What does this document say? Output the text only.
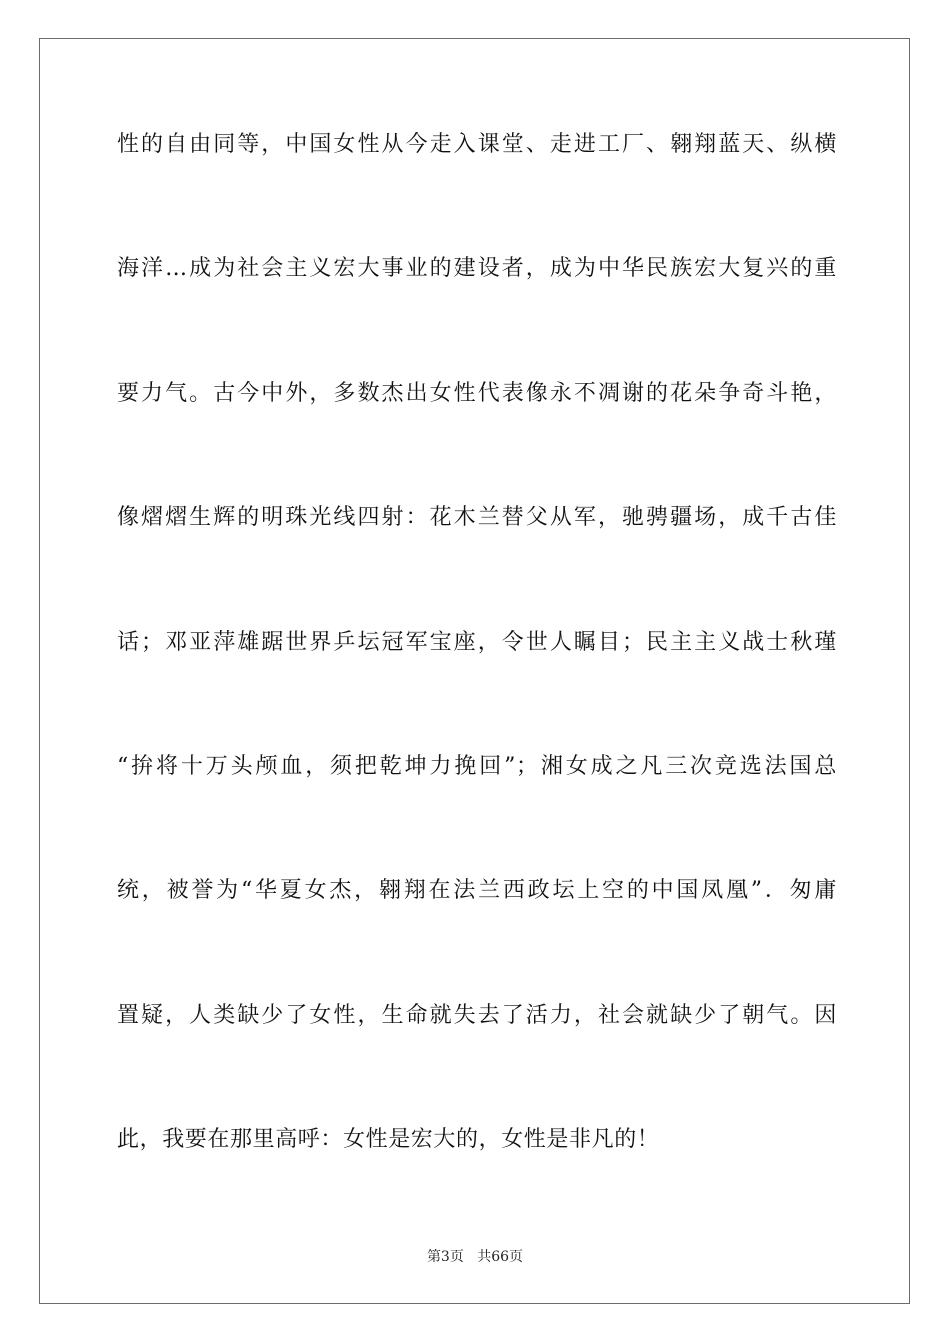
性的自由同等，中国女性从今走入课堂、走进工厂、翱翔蓝天、纵横

海洋…成为社会主义宏大事业的建设者，成为中华民族宏大复兴的重

要力气。古今中外，多数杰出女性代表像永不凋谢的花朵争奇斗艳，

像熠熠生辉的明珠光线四射：花木兰替父从军，驰骋疆场，成千古佳

话；邓亚萍雄踞世界乒坛冠军宝座，令世人瞩目；民主主义战士秋瑾

“拚将十万头颅血，须把乾坤力挽回”；湘女成之凡三次竞选法国总

统，被誉为“华夏女杰，翱翔在法兰西政坛上空的中国凤凰”．匆庸

置疑，人类缺少了女性，生命就失去了活力，社会就缺少了朝气。因

此，我要在那里高呼：女性是宏大的，女性是非凡的！

第3页 共66页
